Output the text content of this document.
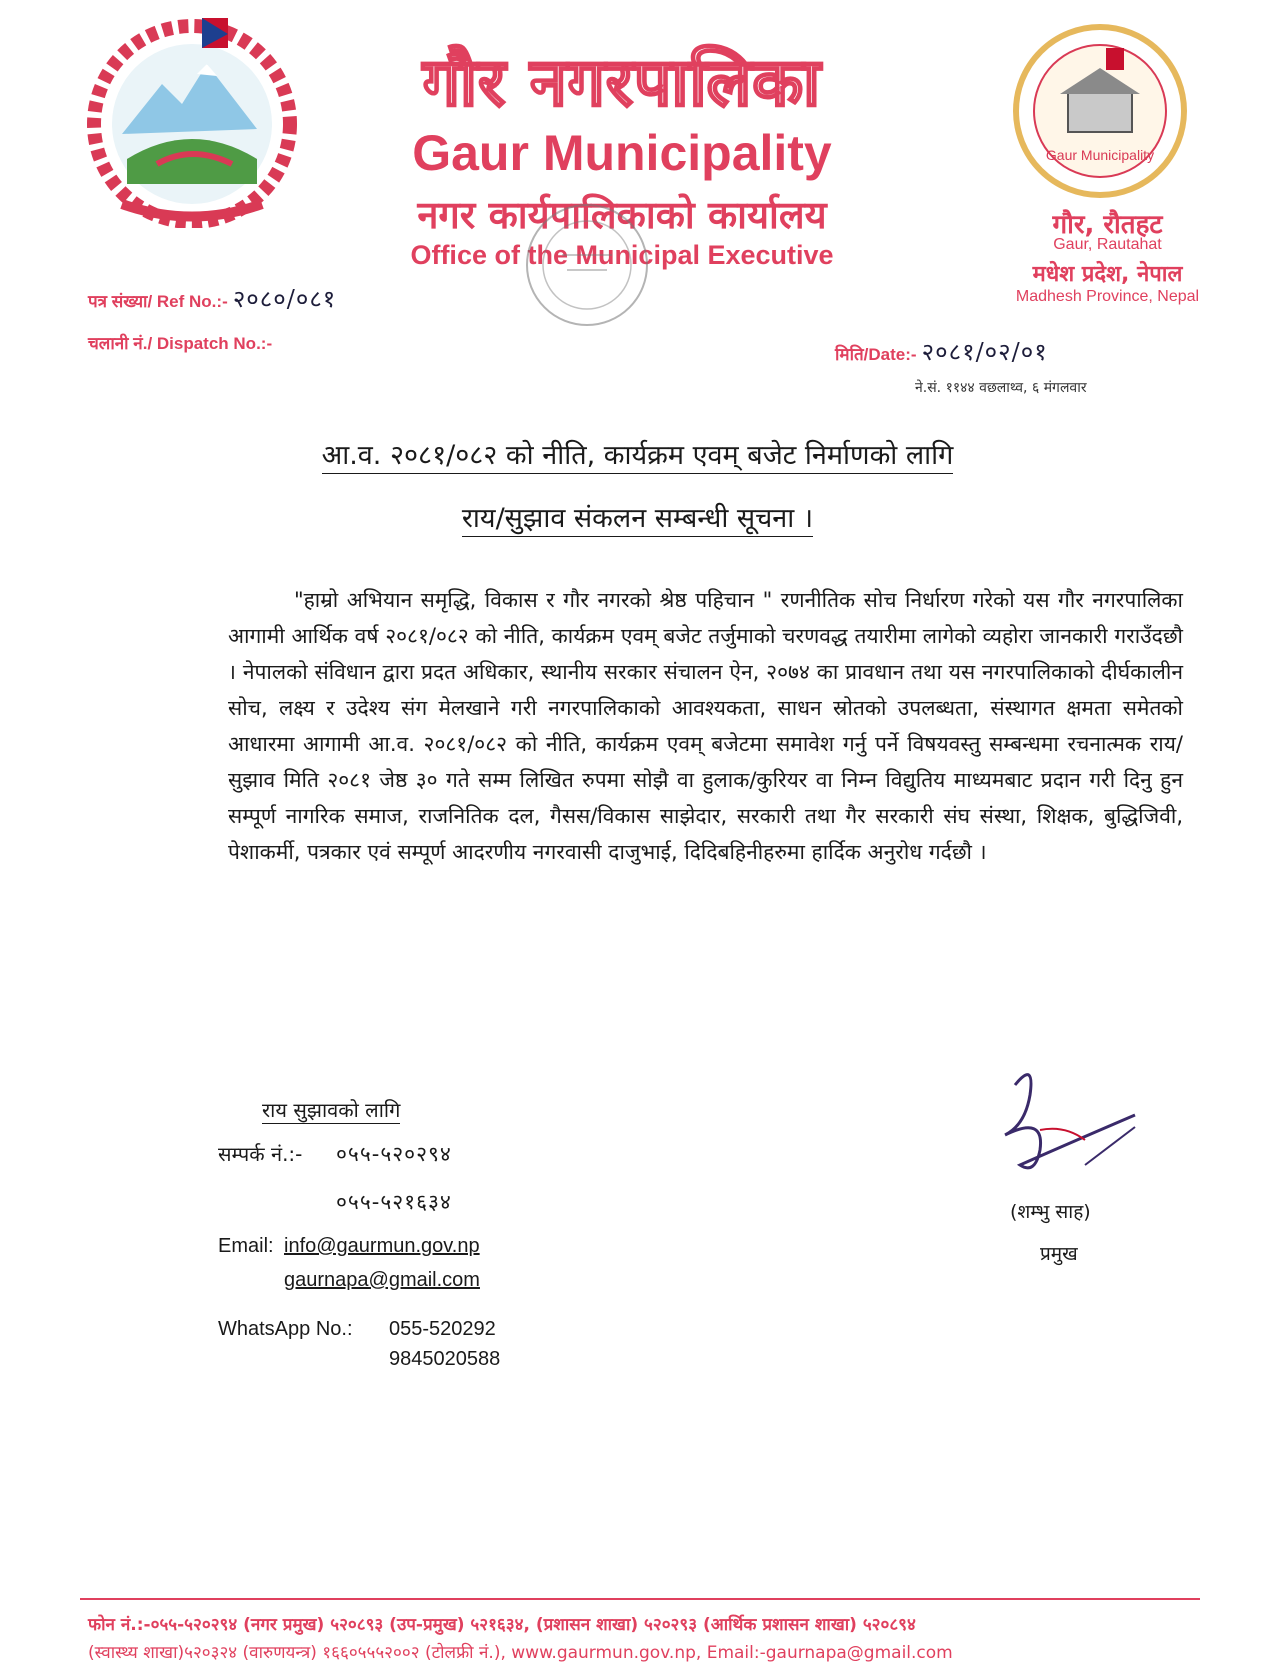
Gaur Municipality
गौर नगरपालिका
Gaur Municipality
नगर कार्यपालिकाको कार्यालय
Office of the Municipal Executive
गौर, रौतहट
Gaur, Rautahat
मधेश प्रदेश, नेपाल
Madhesh Province, Nepal
पत्र संख्या/ Ref No.:- २०८०/०८१
चलानी नं./ Dispatch No.:-
मिति/Date:- २०८१/०२/०१
ने.सं. ११४४ वछलाथ्व, ६ मंगलवार
आ.व. २०८१/०८२ को नीति, कार्यक्रम एवम् बजेट निर्माणको लागि
राय/सुझाव संकलन सम्बन्धी सूचना ।
"हाम्रो अभियान समृद्धि, विकास र गौर नगरको श्रेष्ठ पहिचान " रणनीतिक सोच निर्धारण गरेको यस गौर नगरपालिका आगामी आर्थिक वर्ष २०८१/०८२ को नीति, कार्यक्रम एवम् बजेट तर्जुमाको चरणवद्ध तयारीमा लागेको व्यहोरा जानकारी गराउँदछौ । नेपालको संविधान द्वारा प्रदत अधिकार, स्थानीय सरकार संचालन ऐन, २०७४ का प्रावधान तथा यस नगरपालिकाको दीर्घकालीन सोच, लक्ष्य र उदेश्य संग मेलखाने गरी नगरपालिकाको आवश्यकता, साधन स्रोतको उपलब्धता, संस्थागत क्षमता समेतको आधारमा आगामी आ.व. २०८१/०८२ को नीति, कार्यक्रम एवम् बजेटमा समावेश गर्नु पर्ने विषयवस्तु सम्बन्धमा रचनात्मक राय/सुझाव मिति २०८१ जेष्ठ ३० गते सम्म लिखित रुपमा सोझै वा हुलाक/कुरियर वा निम्न विद्युतिय माध्यमबाट प्रदान गरी दिनु हुन सम्पूर्ण नागरिक समाज, राजनितिक दल, गैसस/विकास साझेदार, सरकारी तथा गैर सरकारी संघ संस्था, शिक्षक, बुद्धिजिवी, पेशाकर्मी, पत्रकार एवं सम्पूर्ण आदरणीय नगरवासी दाजुभाई, दिदिबहिनीहरुमा हार्दिक अनुरोध गर्दछौ ।
राय सुझावको लागि
सम्पर्क नं.:- ०५५-५२०२९४
०५५-५२१६३४
Email: info@gaurmun.gov.np
gaurnapa@gmail.com
WhatsApp No.: 055-520292
9845020588
(शम्भु साह)
प्रमुख
फोन नं.:-०५५-५२०२९४ (नगर प्रमुख) ५२०८९३ (उप-प्रमुख) ५२१६३४, (प्रशासन शाखा) ५२०२९३ (आर्थिक प्रशासन शाखा) ५२०८९४
(स्वास्थ्य शाखा)५२०३२४ (वारुणयन्त्र) १६६०५५५२००२ (टोलफ्री नं.), www.gaurmun.gov.np, Email:-gaurnapa@gmail.com
